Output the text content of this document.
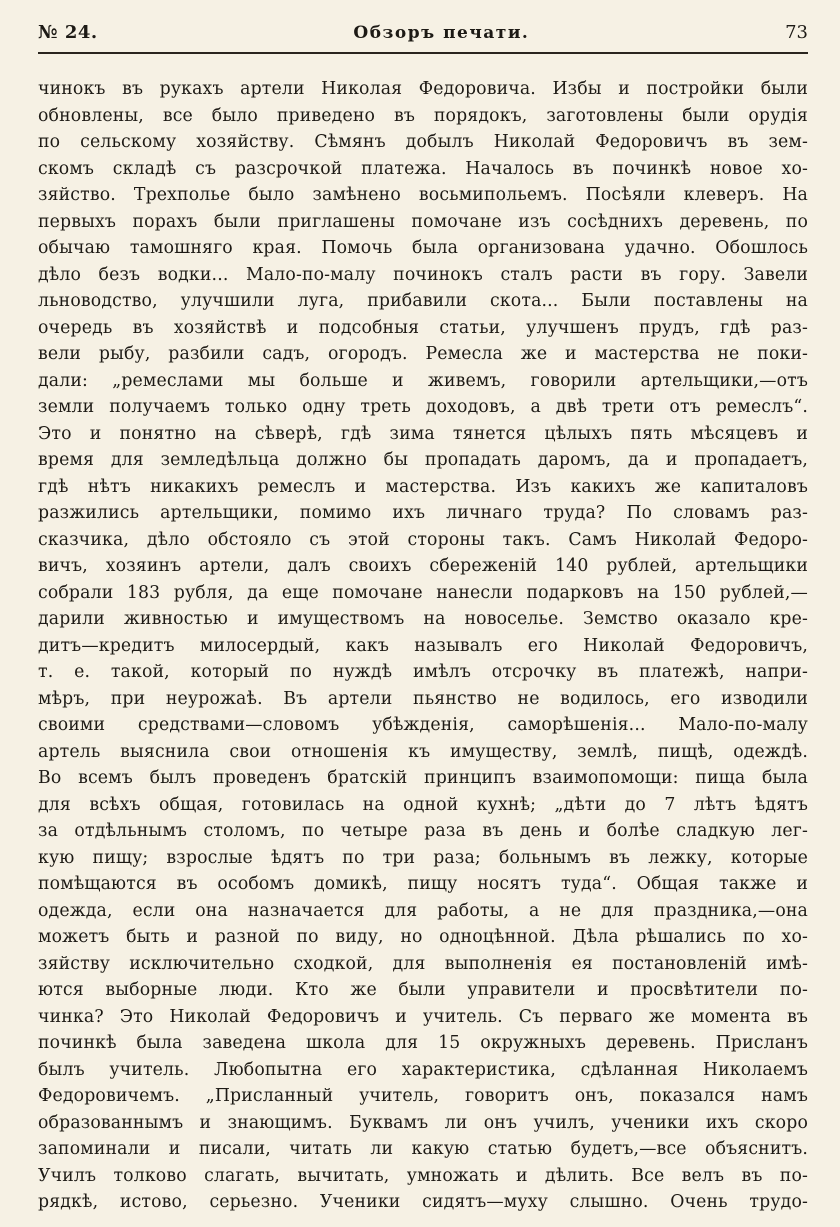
№ 24.	Обзоръ печати.	73
чинокъ въ рукахъ артели Николая Федоровича. Избы и постройки были
обновлены, все было приведено въ порядокъ, заготовлены были орудія
по сельскому хозяйству. Сѣмянъ добылъ Николай Федоровичъ въ зем-
скомъ складѣ съ разсрочкой платежа. Началось въ починкѣ новое хо-
зяйство. Трехполье было замѣнено восьмипольемъ. Посѣяли клеверъ. На
первыхъ порахъ были приглашены помочане изъ сосѣднихъ деревень, по
обычаю тамошняго края. Помочь была организована удачно. Обошлось
дѣло безъ водки... Мало-по-малу починокъ сталъ расти въ гору. Завели
льноводство, улучшили луга, прибавили скота... Были поставлены на
очередь въ хозяйствѣ и подсобныя статьи, улучшенъ прудъ, гдѣ раз-
вели рыбу, разбили садъ, огородъ. Ремесла же и мастерства не поки-
дали: „ремеслами мы больше и живемъ, говорили артельщики,—отъ
земли получаемъ только одну треть доходовъ, а двѣ трети отъ ремеслъ“.
Это и понятно на сѣверѣ, гдѣ зима тянется цѣлыхъ пять мѣсяцевъ и
время для земледѣльца должно бы пропадать даромъ, да и пропадаетъ,
гдѣ нѣтъ никакихъ ремеслъ и мастерства. Изъ какихъ же капиталовъ
разжились артельщики, помимо ихъ личнаго труда? По словамъ раз-
сказчика, дѣло обстояло съ этой стороны такъ. Самъ Николай Федоро-
вичъ, хозяинъ артели, далъ своихъ сбереженій 140 рублей, артельщики
собрали 183 рубля, да еще помочане нанесли подарковъ на 150 рублей,—
дарили живностью и имуществомъ на новоселье. Земство оказало кре-
дитъ—кредитъ милосердый, какъ называлъ его Николай Федоровичъ,
т. е. такой, который по нуждѣ имѣлъ отсрочку въ платежѣ, напри-
мѣръ, при неурожаѣ. Въ артели пьянство не водилось, его изводили
своими средствами—словомъ убѣжденія, саморѣшенія... Мало-по-малу
артель выяснила свои отношенія къ имуществу, землѣ, пищѣ, одеждѣ.
Во всемъ былъ проведенъ братскій принципъ взаимопомощи: пища была
для всѣхъ общая, готовилась на одной кухнѣ; „дѣти до 7 лѣтъ ѣдятъ
за отдѣльнымъ столомъ, по четыре раза въ день и болѣе сладкую лег-
кую пищу; взрослые ѣдятъ по три раза; больнымъ въ лежку, которые
помѣщаются въ особомъ домикѣ, пищу носятъ туда“. Общая также и
одежда, если она назначается для работы, а не для праздника,—она
можетъ быть и разной по виду, но одноцѣнной. Дѣла рѣшались по хо-
зяйству исключительно сходкой, для выполненія ея постановленій имѣ-
ются выборные люди. Кто же были управители и просвѣтители по-
чинка? Это Николай Федоровичъ и учитель. Съ перваго же момента въ
починкѣ была заведена школа для 15 окружныхъ деревень. Присланъ
былъ учитель. Любопытна его характеристика, сдѣланная Николаемъ
Федоровичемъ. „Присланный учитель, говоритъ онъ, показался намъ
образованнымъ и знающимъ. Буквамъ ли онъ училъ, ученики ихъ скоро
запоминали и писали, читать ли какую статью будетъ,—все объяснитъ.
Училъ толково слагать, вычитать, умножать и дѣлить. Все велъ въ по-
рядкѣ, истово, серьезно. Ученики сидятъ—муху слышно. Очень трудо-
